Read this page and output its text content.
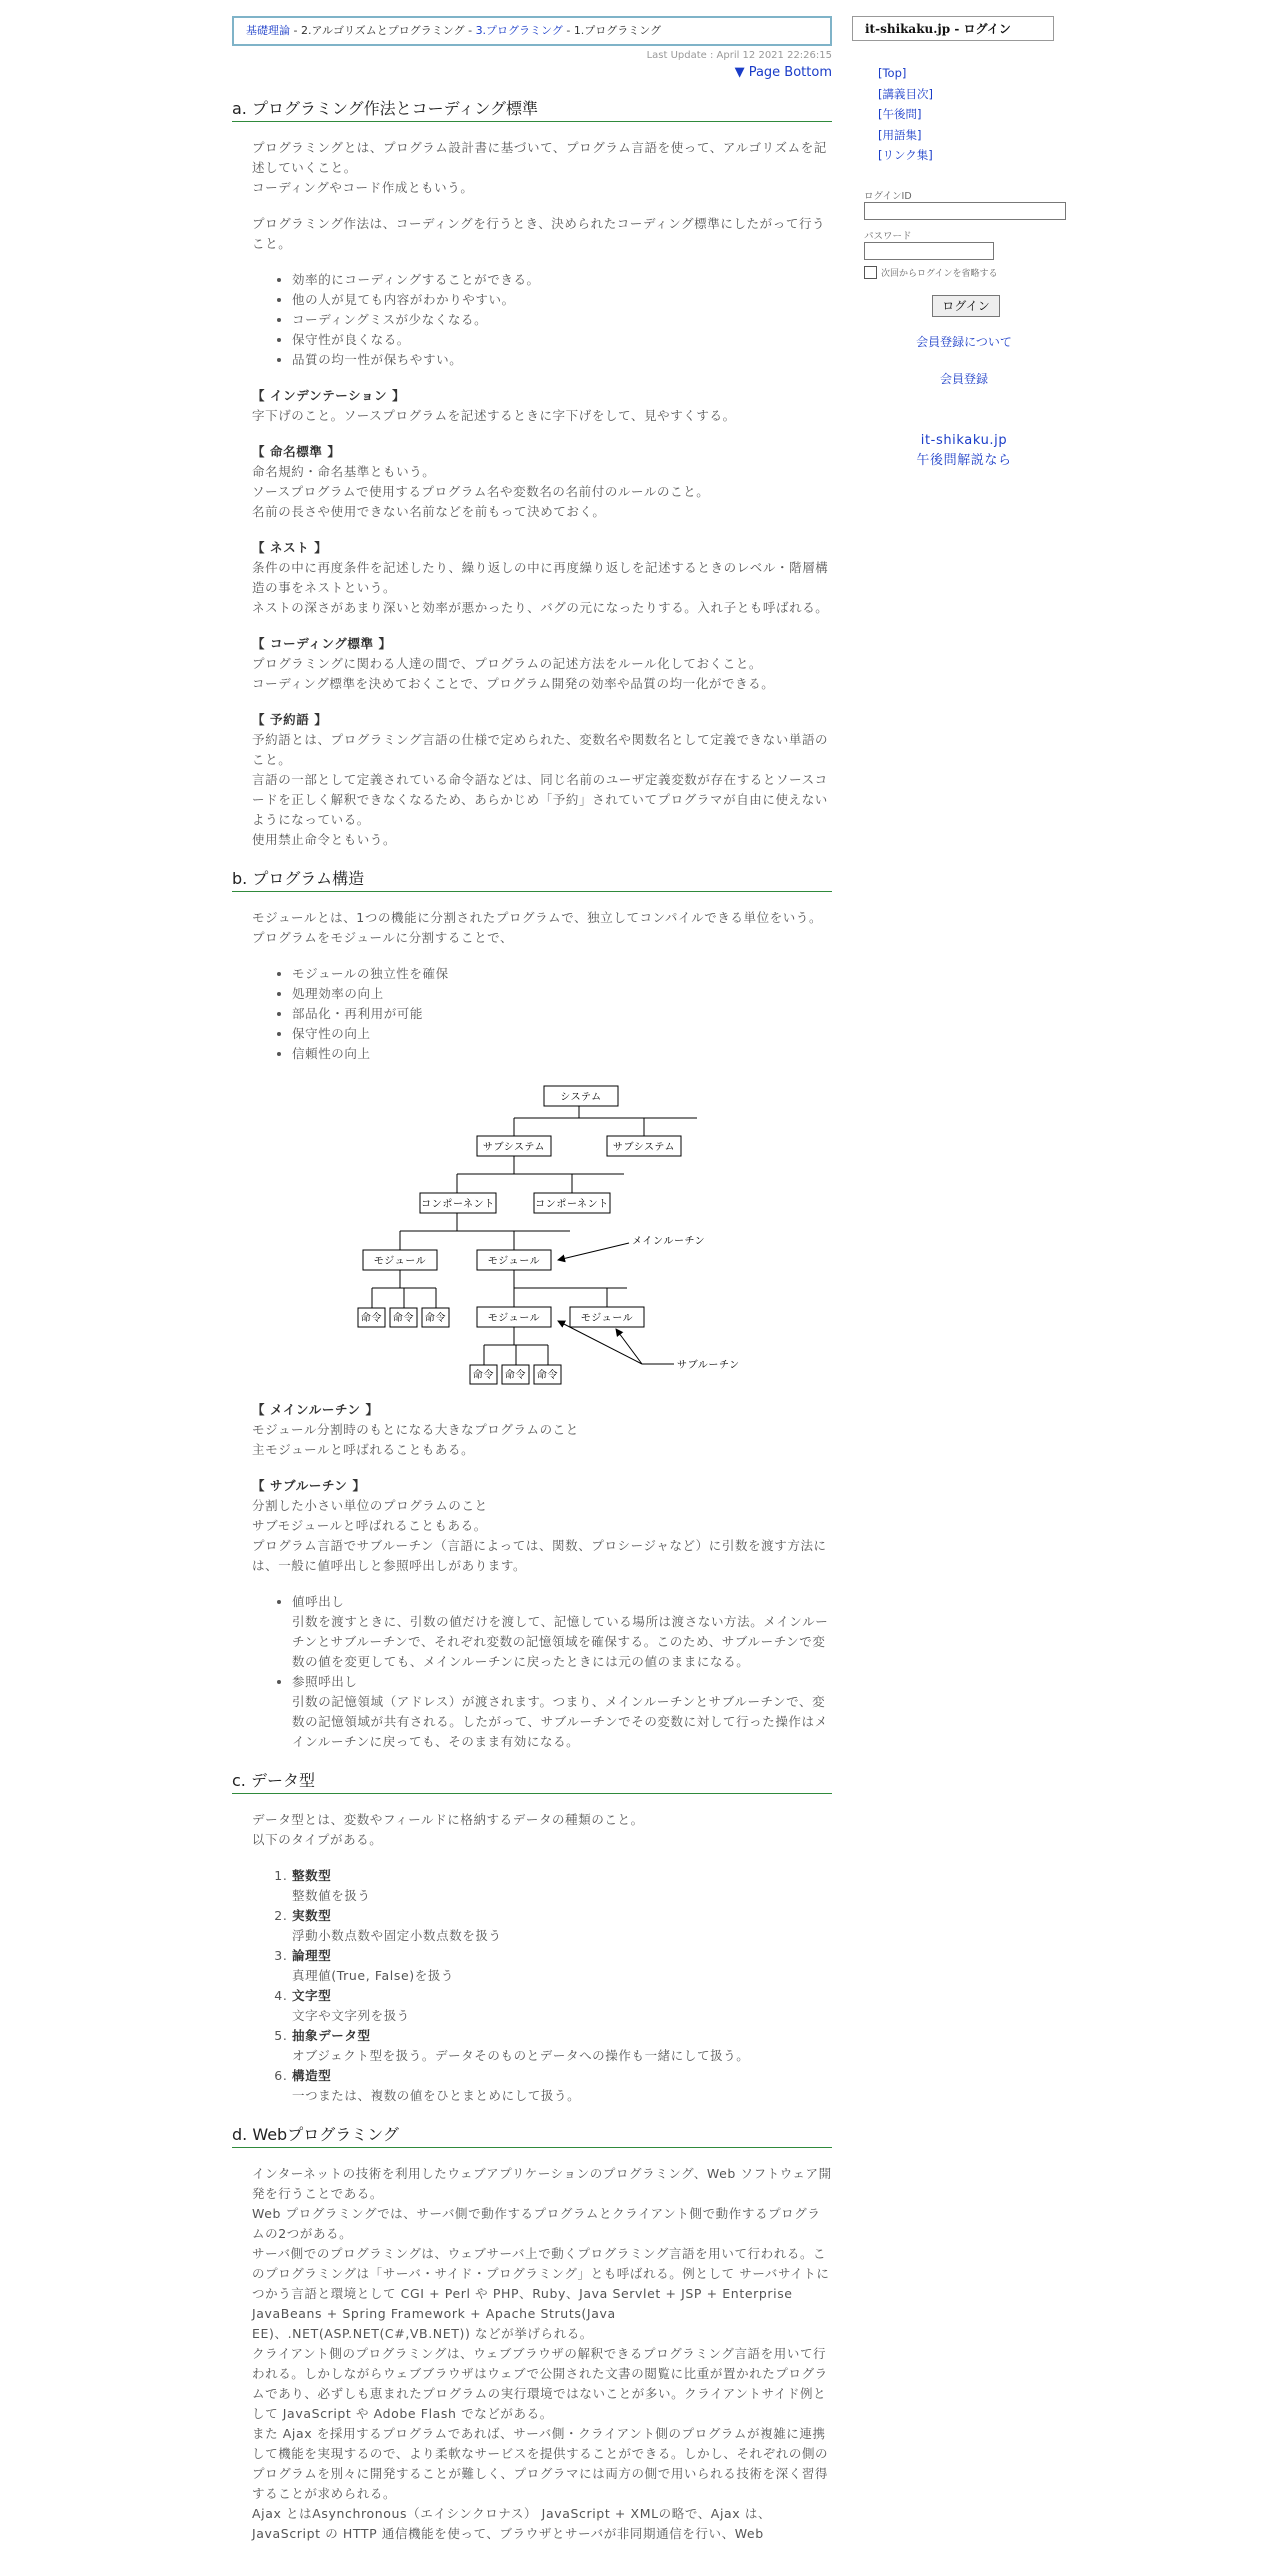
基礎理論 - 2.アルゴリズムとプログラミング - 3.プログラミング - 1.プログラミング
Last Update : April 12 2021 22:26:15
▼ Page Bottom
a. プログラミング作法とコーディング標準

プログラミングとは、プログラム設計書に基づいて、プログラム言語を使って、アルゴリズムを記述していくこと。
コーディングやコード作成ともいう。

プログラミング作法は、コーディングを行うとき、決められたコーディング標準にしたがって行うこと。

• 効率的にコーディングすることができる。
• 他の人が見ても内容がわかりやすい。
• コーディングミスが少なくなる。
• 保守性が良くなる。
• 品質の均一性が保ちやすい。

【 インデンテーション 】
字下げのこと。ソースプログラムを記述するときに字下げをして、見やすくする。

【 命名標準 】
命名規約・命名基準ともいう。
ソースプログラムで使用するプログラム名や変数名の名前付のルールのこと。
名前の長さや使用できない名前などを前もって決めておく。

【 ネスト 】
条件の中に再度条件を記述したり、繰り返しの中に再度繰り返しを記述するときのレベル・階層構造の事をネストという。
ネストの深さがあまり深いと効率が悪かったり、バグの元になったりする。入れ子とも呼ばれる。

【 コーディング標準 】
プログラミングに関わる人達の間で、プログラムの記述方法をルール化しておくこと。
コーディング標準を決めておくことで、プログラム開発の効率や品質の均一化ができる。

【 予約語 】
予約語とは、プログラミング言語の仕様で定められた、変数名や関数名として定義できない単語のこと。
言語の一部として定義されている命令語などは、同じ名前のユーザ定義変数が存在するとソースコードを正しく解釈できなくなるため、あらかじめ「予約」されていてプログラマが自由に使えないようになっている。
使用禁止命令ともいう。

b. プログラム構造

モジュールとは、1つの機能に分割されたプログラムで、独立してコンパイルできる単位をいう。
プログラムをモジュールに分割することで、

• モジュールの独立性を確保
• 処理効率の向上
• 部品化・再利用が可能
• 保守性の向上
• 信頼性の向上
システム
サブシステム	サブシステム
コンポーネント	コンポーネント
モジュール	モジュール
命令 命令 命令	モジュール	モジュール
命令 命令 命令
メインルーチン
サブルーチン

【 メインルーチン 】
モジュール分割時のもとになる大きなプログラムのこと
主モジュールと呼ばれることもある。

【 サブルーチン 】
分割した小さい単位のプログラムのこと
サブモジュールと呼ばれることもある。
プログラム言語でサブルーチン（言語によっては、関数、プロシージャなど）に引数を渡す方法には、一般に値呼出しと参照呼出しがあります。

• 値呼出し
引数を渡すときに、引数の値だけを渡して、記憶している場所は渡さない方法。メインルーチンとサブルーチンで、それぞれ変数の記憶領域を確保する。このため、サブルーチンで変数の値を変更しても、メインルーチンに戻ったときには元の値のままになる。
• 参照呼出し
引数の記憶領域（アドレス）が渡されます。つまり、メインルーチンとサブルーチンで、変数の記憶領域が共有される。したがって、サブルーチンでその変数に対して行った操作はメインルーチンに戻っても、そのまま有効になる。
c. データ型

データ型とは、変数やフィールドに格納するデータの種類のこと。
以下のタイプがある。

1. 整数型
整数値を扱う
2. 実数型
浮動小数点数や固定小数点数を扱う
3. 論理型
真理値(True, False)を扱う
4. 文字型
文字や文字列を扱う
5. 抽象データ型
オブジェクト型を扱う。データそのものとデータへの操作も一緒にして扱う。
6. 構造型
一つまたは、複数の値をひとまとめにして扱う。
d. Webプログラミング

インターネットの技術を利用したウェブアプリケーションのプログラミング、Web ソフトウェア開発を行うことである。
Web プログラミングでは、サーバ側で動作するプログラムとクライアント側で動作するプログラムの2つがある。
サーバ側でのプログラミングは、ウェブサーバ上で動くプログラミング言語を用いて行われる。このプログラミングは「サーバ・サイド・プログラミング」とも呼ばれる。例として サーバサイトにつかう言語と環境として CGI + Perl や PHP、Ruby、Java Servlet + JSP + Enterprise JavaBeans + Spring Framework + Apache Struts(Java EE)、.NET(ASP.NET(C#,VB.NET)) などが挙げられる。
クライアント側のプログラミングは、ウェブブラウザの解釈できるプログラミング言語を用いて行われる。しかしながらウェブブラウザはウェブで公開された文書の閲覧に比重が置かれたプログラムであり、必ずしも恵まれたプログラムの実行環境ではないことが多い。クライアントサイド例として JavaScript や Adobe Flash でなどがある。
また Ajax を採用するプログラムであれば、サーバ側・クライアント側のプログラムが複雑に連携して機能を実現するので、より柔軟なサービスを提供することができる。しかし、それぞれの側のプログラムを別々に開発することが難しく、プログラマには両方の側で用いられる技術を深く習得することが求められる。
Ajax とはAsynchronous（エイシンクロナス） JavaScript + XMLの略で、Ajax は、JavaScript の HTTP 通信機能を使って、ブラウザとサーバが非同期通信を行い、Web

it-shikaku.jp - ログイン
[Top]
[講義目次]
[午後問]
[用語集]
[リンク集]
ログインID
パスワード
次回からログインを省略する
ログイン
会員登録について
会員登録
it-shikaku.jp
午後問解説なら
